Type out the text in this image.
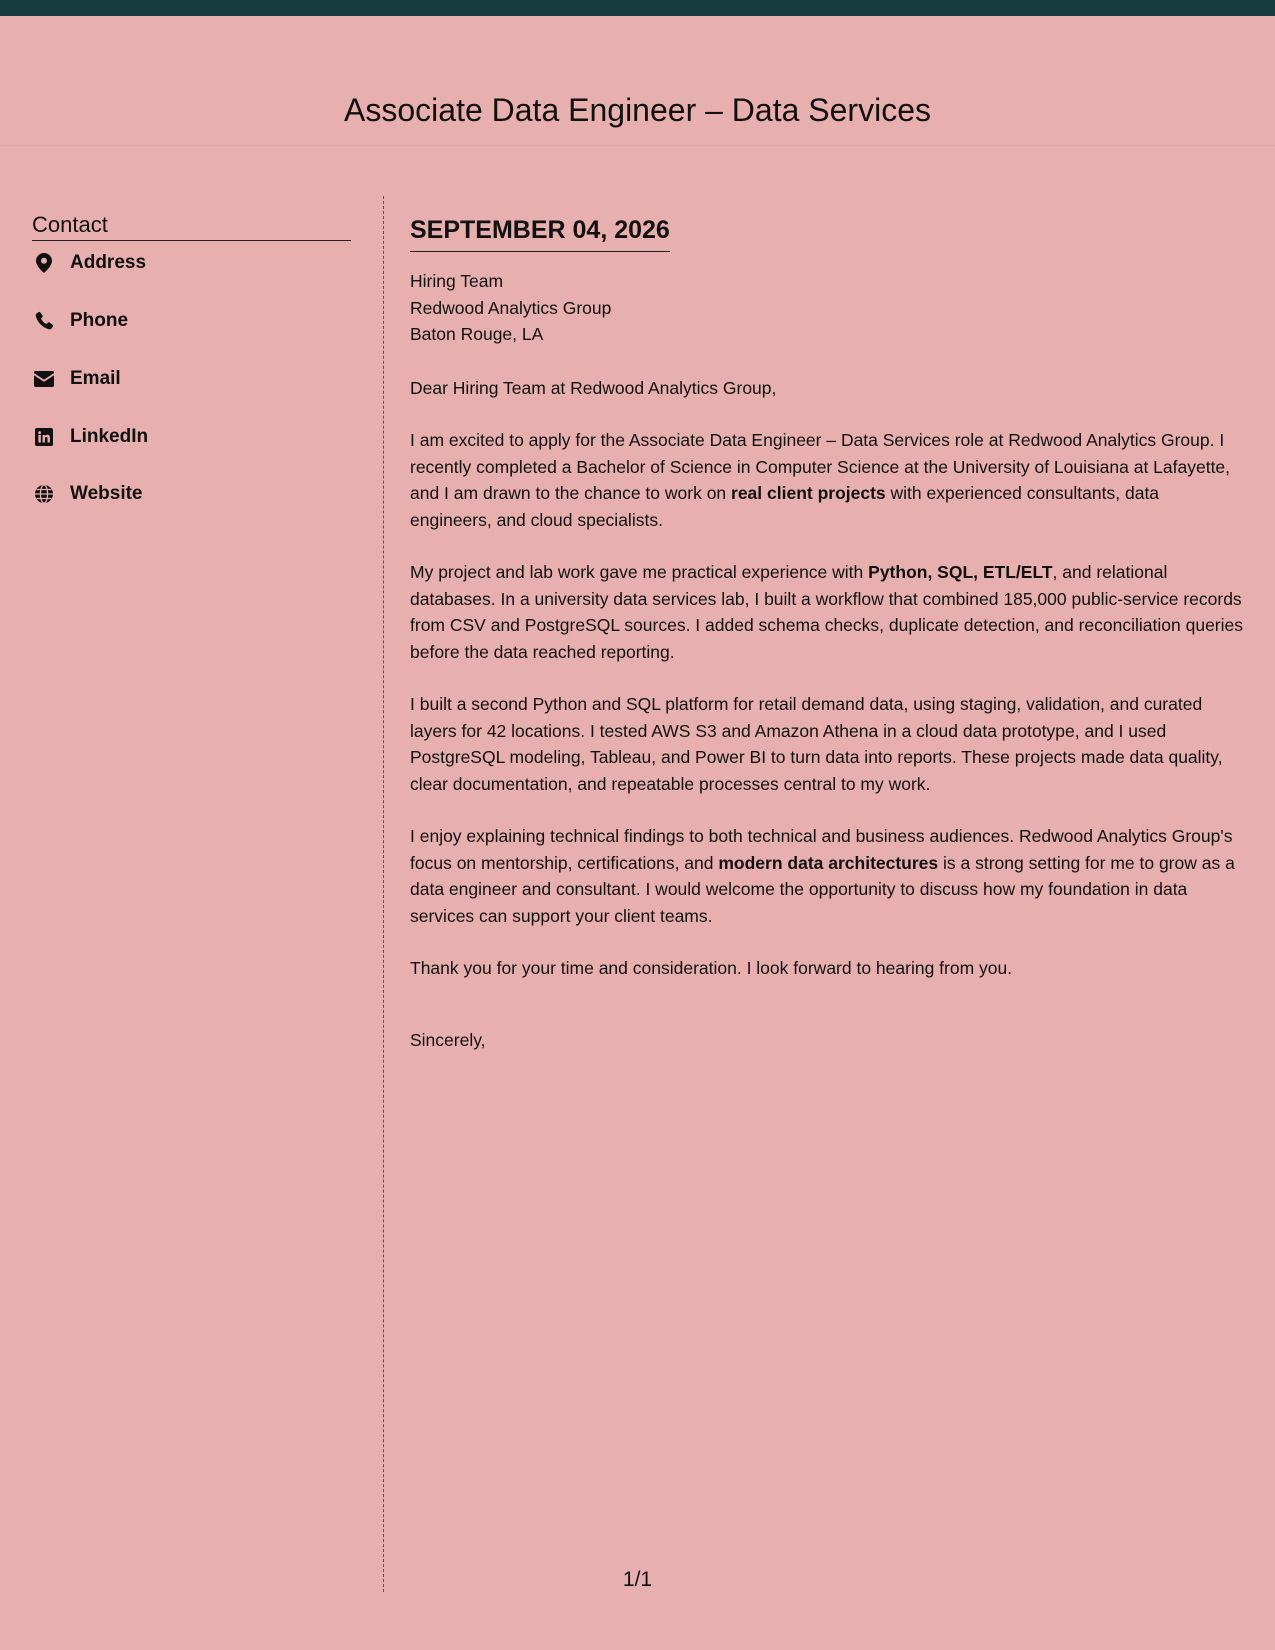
Associate Data Engineer – Data Services
Contact
Address
Phone
Email
LinkedIn
Website
SEPTEMBER 04, 2026
Hiring Team
Redwood Analytics Group
Baton Rouge, LA

Dear Hiring Team at Redwood Analytics Group,

I am excited to apply for the Associate Data Engineer – Data Services role at Redwood Analytics Group. I recently completed a Bachelor of Science in Computer Science at the University of Louisiana at Lafayette, and I am drawn to the chance to work on real client projects with experienced consultants, data engineers, and cloud specialists.

My project and lab work gave me practical experience with Python, SQL, ETL/ELT, and relational databases. In a university data services lab, I built a workflow that combined 185,000 public-service records from CSV and PostgreSQL sources. I added schema checks, duplicate detection, and reconciliation queries before the data reached reporting.

I built a second Python and SQL platform for retail demand data, using staging, validation, and curated layers for 42 locations. I tested AWS S3 and Amazon Athena in a cloud data prototype, and I used PostgreSQL modeling, Tableau, and Power BI to turn data into reports. These projects made data quality, clear documentation, and repeatable processes central to my work.

I enjoy explaining technical findings to both technical and business audiences. Redwood Analytics Group's focus on mentorship, certifications, and modern data architectures is a strong setting for me to grow as a data engineer and consultant. I would welcome the opportunity to discuss how my foundation in data services can support your client teams.

Thank you for your time and consideration. I look forward to hearing from you.

Sincerely,

1/1
